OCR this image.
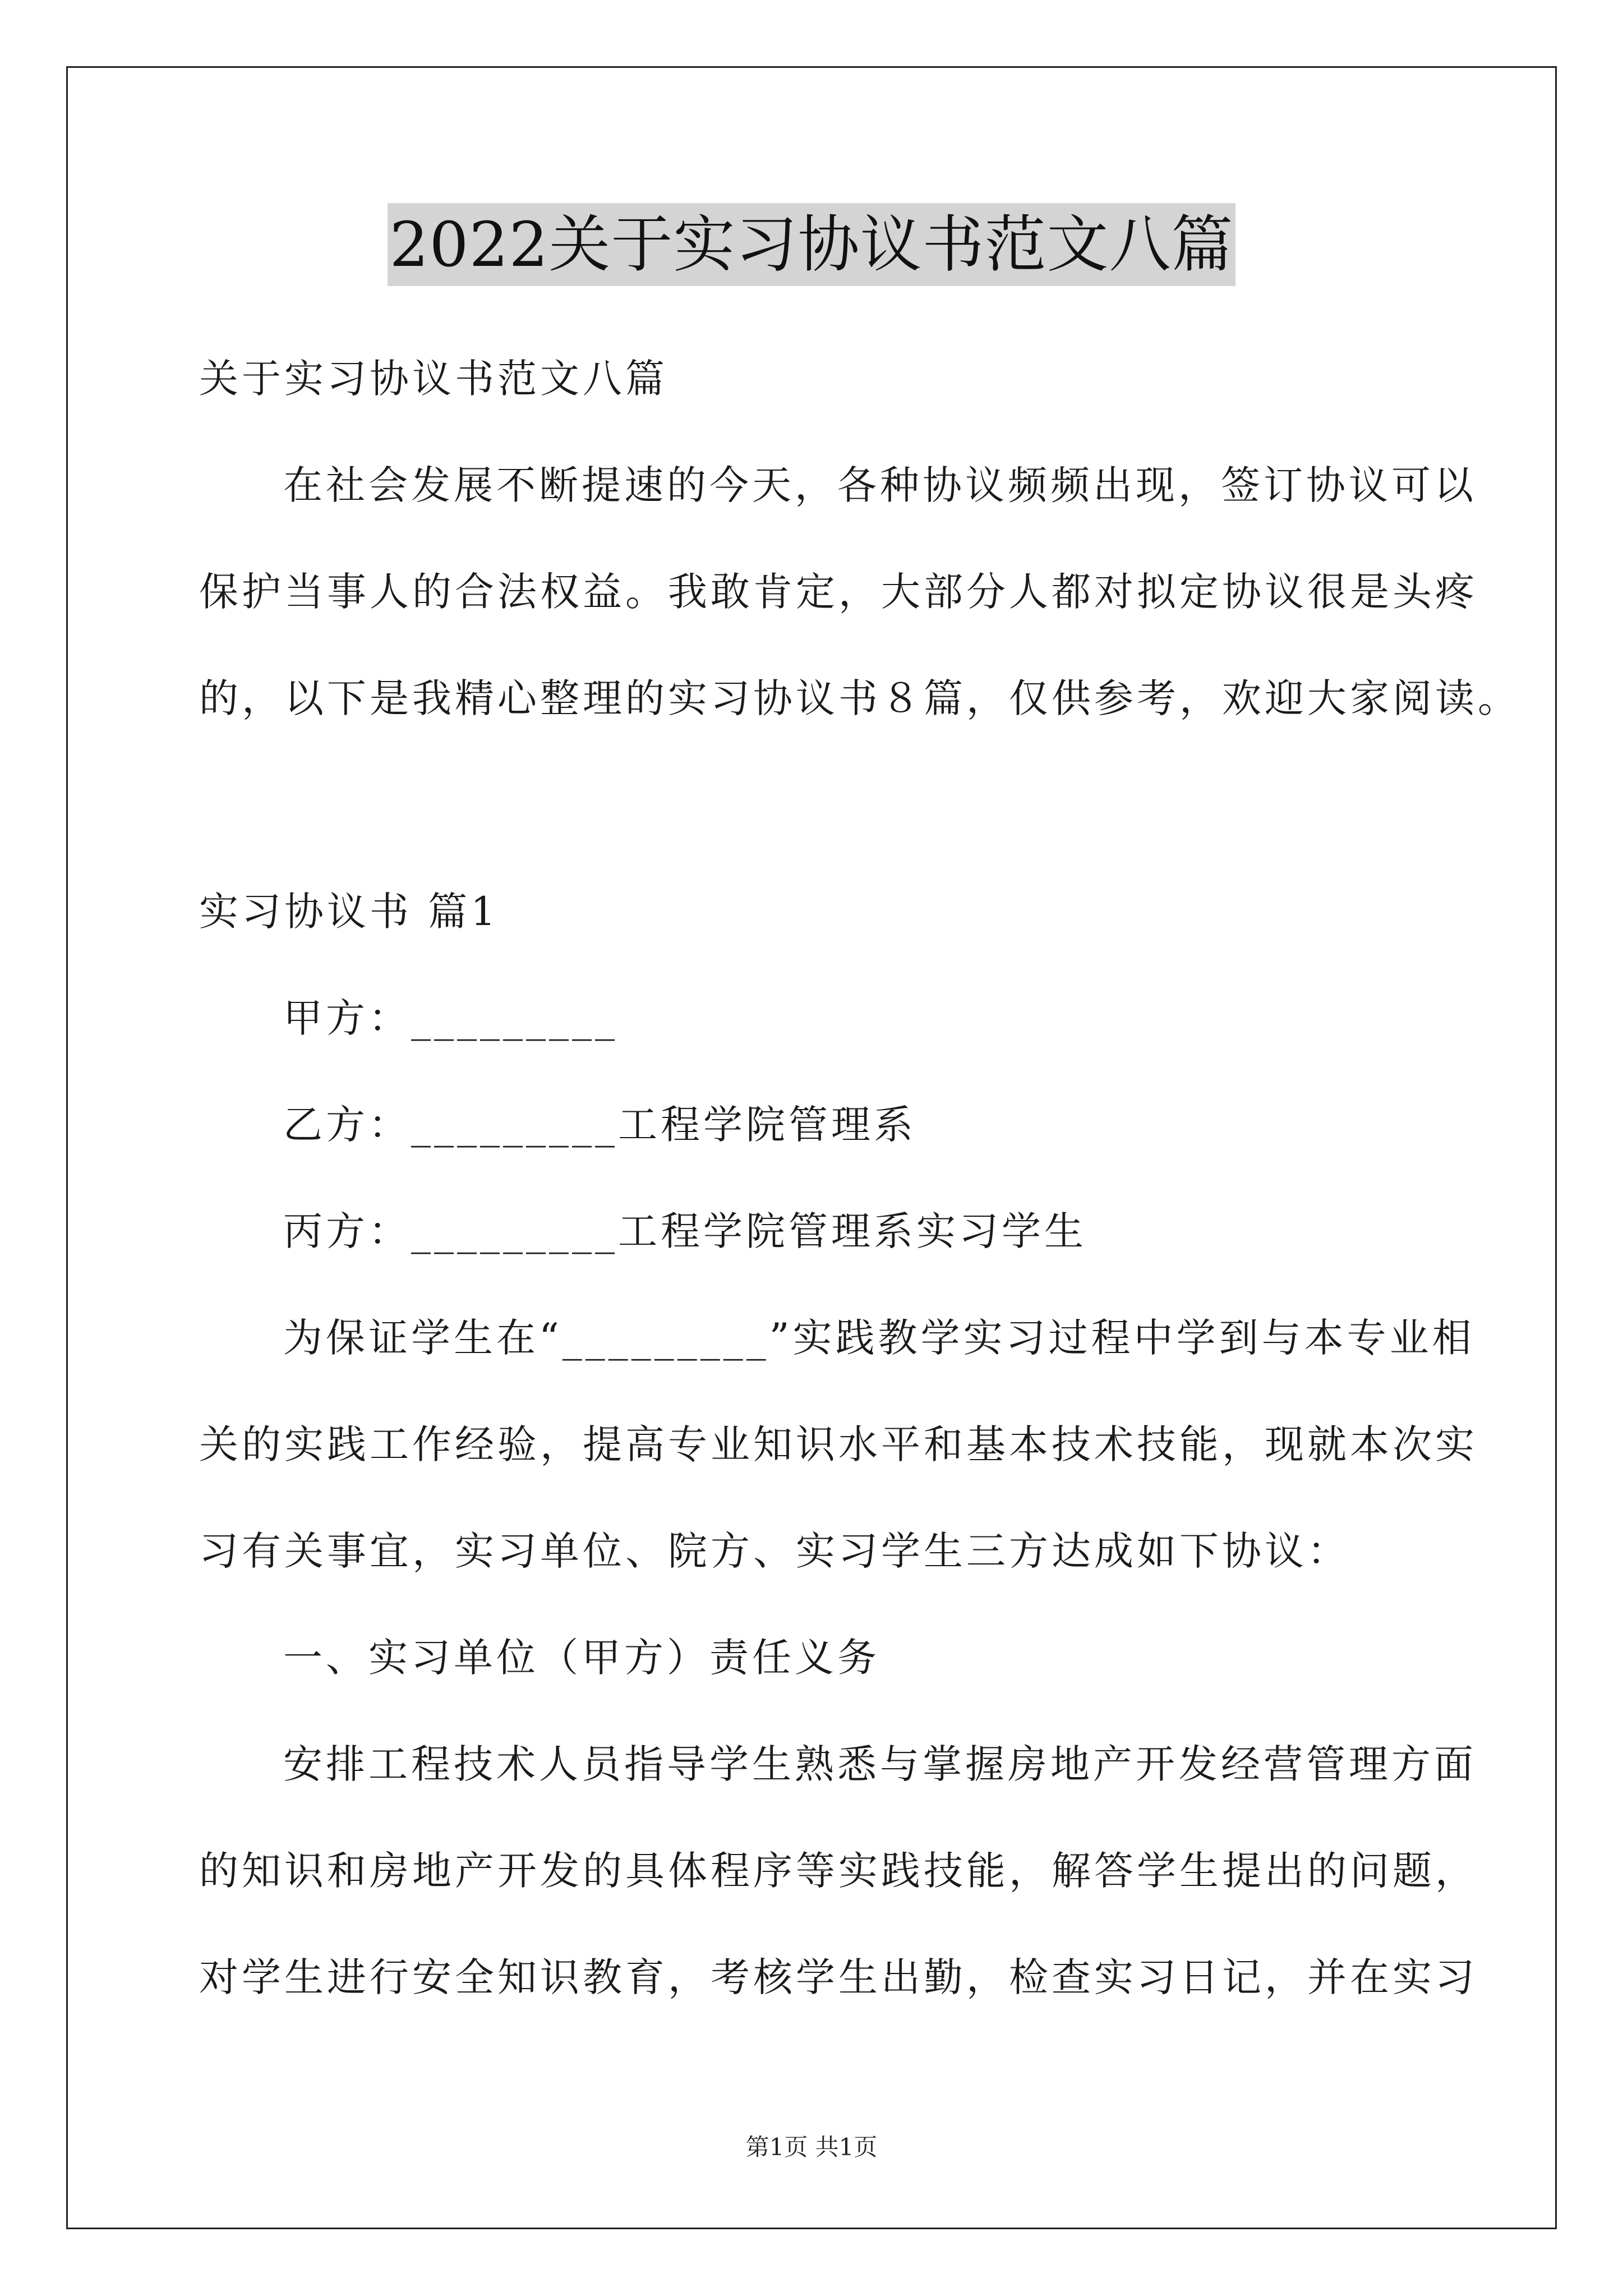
2022关于实习协议书范文八篇
关于实习协议书范文八篇
在社会发展不断提速的今天，各种协议频频出现，签订协议可以
保护当事人的合法权益。我敢肯定，大部分人都对拟定协议很是头疼
的，以下是我精心整理的实习协议书８篇，仅供参考，欢迎大家阅读。
实习协议书 篇1
甲方：_________
乙方：_________工程学院管理系
丙方：_________工程学院管理系实习学生
为保证学生在“_________”实践教学实习过程中学到与本专业相
关的实践工作经验，提高专业知识水平和基本技术技能，现就本次实
习有关事宜，实习单位、院方、实习学生三方达成如下协议：
一、实习单位（甲方）责任义务
安排工程技术人员指导学生熟悉与掌握房地产开发经营管理方面
的知识和房地产开发的具体程序等实践技能，解答学生提出的问题，
对学生进行安全知识教育，考核学生出勤，检查实习日记，并在实习
第1页 共1页
